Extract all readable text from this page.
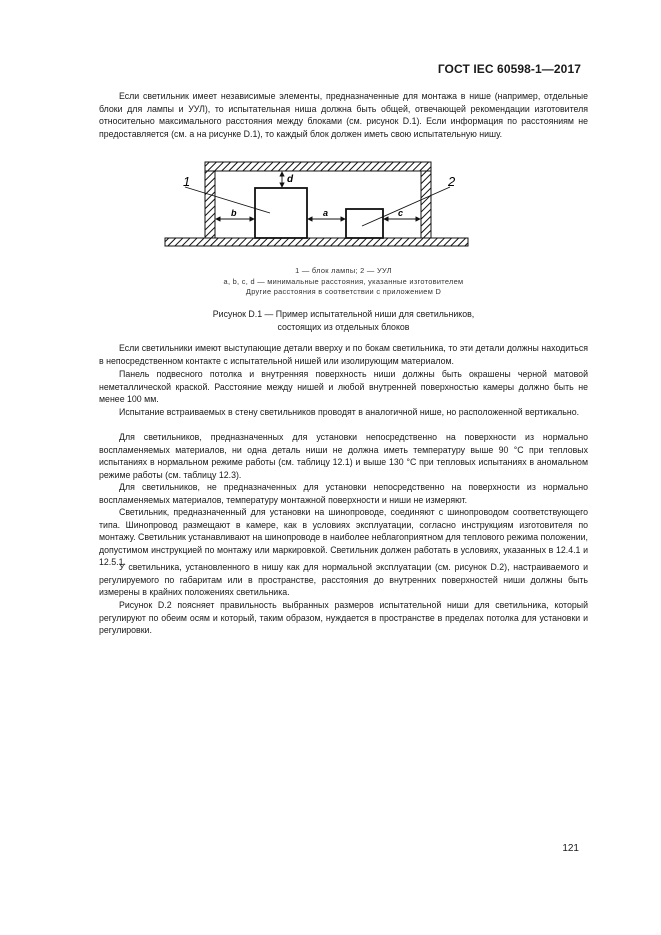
ГОСТ IEC 60598-1—2017

Если светильник имеет независимые элементы, предназначенные для монтажа в нише (например, отдельные блоки для лампы и УУЛ), то испытательная ниша должна быть общей, отвечающей рекомендации изготовителя относительно максимального расстояния между блоками (см. рисунок D.1). Если информация по расстояниям не предоставляется (см. а на рисунке D.1), то каждый блок должен иметь свою испытательную нишу.

1	2
b	a	c
d
1 — блок лампы; 2 — УУЛ
a, b, c, d — минимальные расстояния, указанные изготовителем
Другие расстояния в соответствии с приложением D
Рисунок D.1 — Пример испытательной ниши для светильников,
состоящих из отдельных блоков

Если светильники имеют выступающие детали вверху и по бокам светильника, то эти детали должны находиться в непосредственном контакте с испытательной нишей или изолирующим материалом.

Панель подвесного потолка и внутренняя поверхность ниши должны быть окрашены черной матовой неметаллической краской. Расстояние между нишей и любой внутренней поверхностью камеры должно быть не менее 100 мм.

Испытание встраиваемых в стену светильников проводят в аналогичной нише, но расположенной вертикально.

Для светильников, предназначенных для установки непосредственно на поверхности из нормально воспламеняемых материалов, ни одна деталь ниши не должна иметь температуру выше 90 °С при тепловых испытаниях в нормальном режиме работы (см. таблицу 12.1) и выше 130 °С при тепловых испытаниях в аномальном режиме работы (см. таблицу 12.3).

Для светильников, не предназначенных для установки непосредственно на поверхности из нормально воспламеняемых материалов, температуру монтажной поверхности и ниши не измеряют.

Светильник, предназначенный для установки на шинопроводе, соединяют с шинопроводом соответствующего типа. Шинопровод размещают в камере, как в условиях эксплуатации, согласно инструкциям изготовителя по монтажу. Светильник устанавливают на шинопроводе в наиболее неблагоприятном для теплового режима положении, допустимом инструкцией по монтажу или маркировкой. Светильник должен работать в условиях, указанных в 12.4.1 и 12.5.1.

У светильника, установленного в нишу как для нормальной эксплуатации (см. рисунок D.2), настраиваемого и регулируемого по габаритам или в пространстве, расстояния до внутренних поверхностей ниши должны быть измерены в крайних положениях светильника.

Рисунок D.2 поясняет правильность выбранных размеров испытательной ниши для светильника, который регулируют по обеим осям и который, таким образом, нуждается в пространстве в пределах потолка для установки и регулировки.

121
